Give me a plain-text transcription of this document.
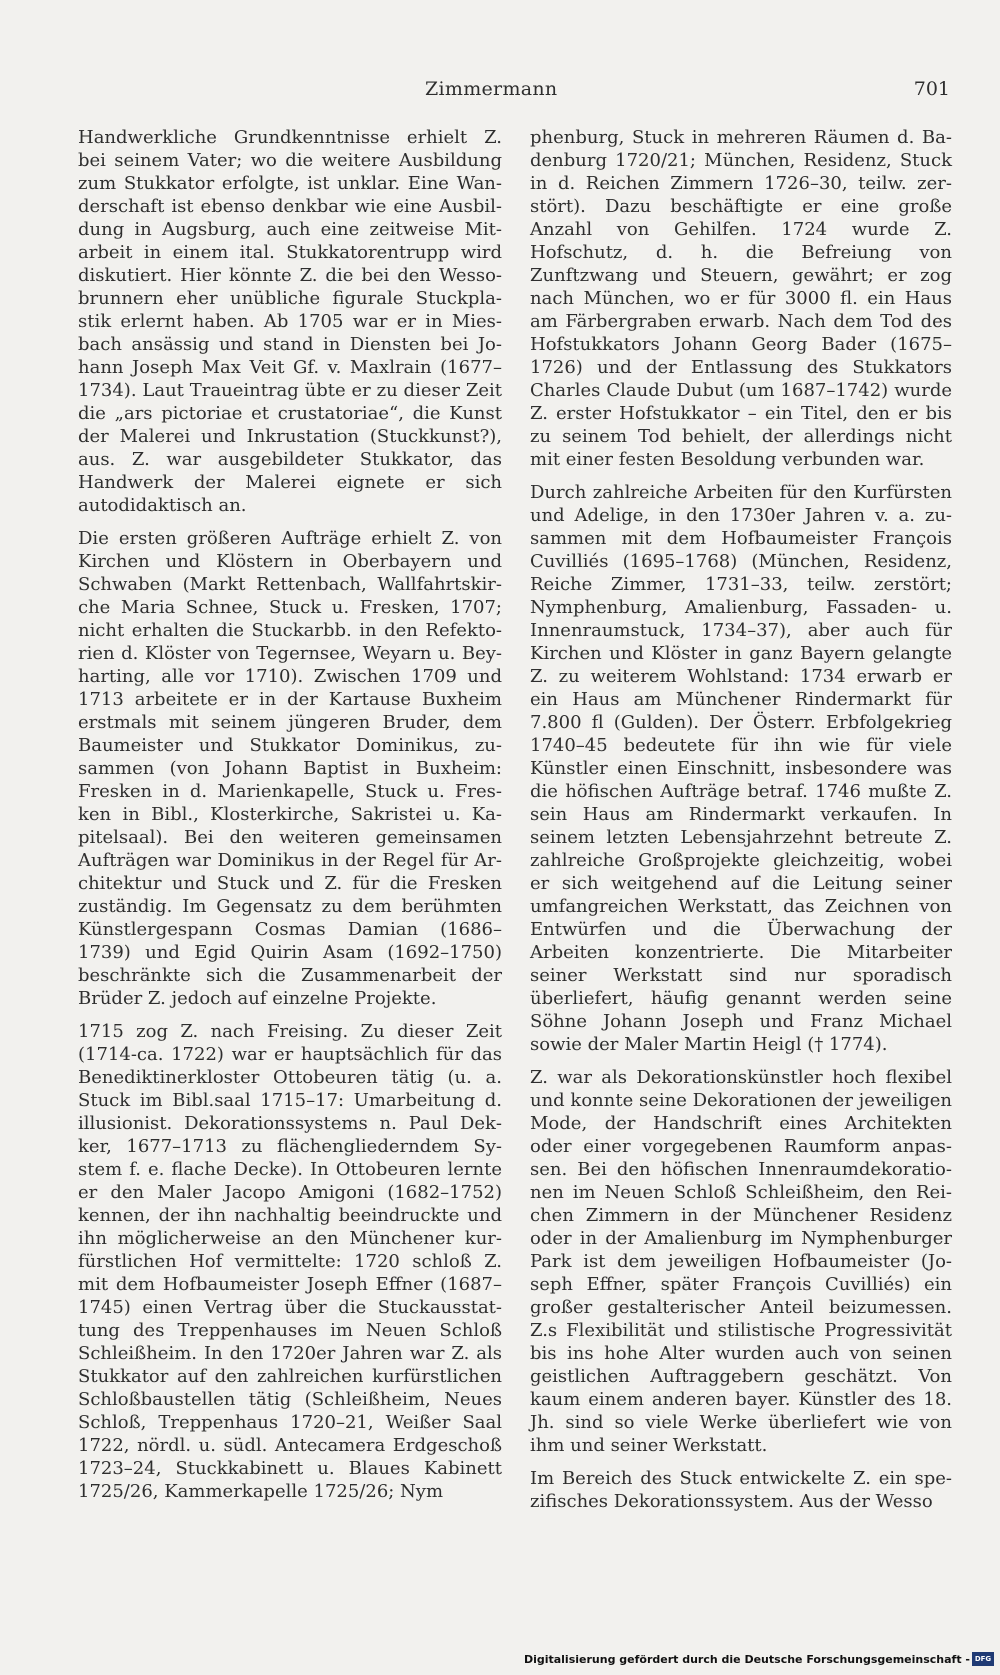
Zimmermann	701

Handwerkliche Grundkenntnisse erhielt Z. bei seinem Vater; wo die weitere Ausbildung zum Stukkator erfolgte, ist unklar. Eine Wanderschaft ist ebenso denkbar wie eine Ausbildung in Augsburg, auch eine zeitweise Mitarbeit in einem ital. Stukkatorentrupp wird diskutiert. Hier könnte Z. die bei den Wessobrunnern eher unübliche figurale Stuckplastik erlernt haben. Ab 1705 war er in Miesbach ansässig und stand in Diensten bei Johann Joseph Max Veit Gf. v. Maxlrain (1677–1734). Laut Traueintrag übte er zu dieser Zeit die „ars pictoriae et crustatoriae“, die Kunst der Malerei und Inkrustation (Stuckkunst?), aus. Z. war ausgebildeter Stukkator, das Handwerk der Malerei eignete er sich autodidaktisch an.

Die ersten größeren Aufträge erhielt Z. von Kirchen und Klöstern in Oberbayern und Schwaben (Markt Rettenbach, Wallfahrtskirche Maria Schnee, Stuck u. Fresken, 1707; nicht erhalten die Stuckarbb. in den Refektorien d. Klöster von Tegernsee, Weyarn u. Beyharting, alle vor 1710). Zwischen 1709 und 1713 arbeitete er in der Kartause Buxheim erstmals mit seinem jüngeren Bruder, dem Baumeister und Stukkator Dominikus, zusammen (von Johann Baptist in Buxheim: Fresken in d. Marienkapelle, Stuck u. Fresken in Bibl., Klosterkirche, Sakristei u. Kapitelsaal). Bei den weiteren gemeinsamen Aufträgen war Dominikus in der Regel für Architektur und Stuck und Z. für die Fresken zuständig. Im Gegensatz zu dem berühmten Künstlergespann Cosmas Damian (1686–1739) und Egid Quirin Asam (1692–1750) beschränkte sich die Zusammenarbeit der Brüder Z. jedoch auf einzelne Projekte.

1715 zog Z. nach Freising. Zu dieser Zeit (1714-ca. 1722) war er hauptsächlich für das Benediktinerkloster Ottobeuren tätig (u. a. Stuck im Bibl.saal 1715–17: Umarbeitung d. illusionist. Dekorationssystems n. Paul Dekker, 1677–1713 zu flächengliederndem System f. e. flache Decke). In Ottobeuren lernte er den Maler Jacopo Amigoni (1682–1752) kennen, der ihn nachhaltig beeindruckte und ihn möglicherweise an den Münchener kurfürstlichen Hof vermittelte: 1720 schloß Z. mit dem Hofbaumeister Joseph Effner (1687–1745) einen Vertrag über die Stuckausstattung des Treppenhauses im Neuen Schloß Schleißheim. In den 1720er Jahren war Z. als Stukkator auf den zahlreichen kurfürstlichen Schloßbaustellen tätig (Schleißheim, Neues Schloß, Treppenhaus 1720–21, Weißer Saal 1722, nördl. u. südl. Antecamera Erdgeschoß 1723–24, Stuckkabinett u. Blaues Kabinett 1725/26, Kammerkapelle 1725/26; Nym

phenburg, Stuck in mehreren Räumen d. Badenburg 1720/21; München, Residenz, Stuck in d. Reichen Zimmern 1726–30, teilw. zerstört). Dazu beschäftigte er eine große Anzahl von Gehilfen. 1724 wurde Z. Hofschutz, d. h. die Befreiung von Zunftzwang und Steuern, gewährt; er zog nach München, wo er für 3000 fl. ein Haus am Färbergraben erwarb. Nach dem Tod des Hofstukkators Johann Georg Bader (1675–1726) und der Entlassung des Stukkators Charles Claude Dubut (um 1687–1742) wurde Z. erster Hofstukkator – ein Titel, den er bis zu seinem Tod behielt, der allerdings nicht mit einer festen Besoldung verbunden war.

Durch zahlreiche Arbeiten für den Kurfürsten und Adelige, in den 1730er Jahren v. a. zusammen mit dem Hofbaumeister François Cuvilliés (1695–1768) (München, Residenz, Reiche Zimmer, 1731–33, teilw. zerstört; Nymphenburg, Amalienburg, Fassaden- u. Innenraumstuck, 1734–37), aber auch für Kirchen und Klöster in ganz Bayern gelangte Z. zu weiterem Wohlstand: 1734 erwarb er ein Haus am Münchener Rindermarkt für 7.800 fl (Gulden). Der Österr. Erbfolgekrieg 1740–45 bedeutete für ihn wie für viele Künstler einen Einschnitt, insbesondere was die höfischen Aufträge betraf. 1746 mußte Z. sein Haus am Rindermarkt verkaufen. In seinem letzten Lebensjahrzehnt betreute Z. zahlreiche Großprojekte gleichzeitig, wobei er sich weitgehend auf die Leitung seiner umfangreichen Werkstatt, das Zeichnen von Entwürfen und die Überwachung der Arbeiten konzentrierte. Die Mitarbeiter seiner Werkstatt sind nur sporadisch überliefert, häufig genannt werden seine Söhne Johann Joseph und Franz Michael sowie der Maler Martin Heigl († 1774).

Z. war als Dekorationskünstler hoch flexibel und konnte seine Dekorationen der jeweiligen Mode, der Handschrift eines Architekten oder einer vorgegebenen Raumform anpassen. Bei den höfischen Innenraumdekorationen im Neuen Schloß Schleißheim, den Reichen Zimmern in der Münchener Residenz oder in der Amalienburg im Nymphenburger Park ist dem jeweiligen Hofbaumeister (Joseph Effner, später François Cuvilliés) ein großer gestalterischer Anteil beizumessen. Z.s Flexibilität und stilistische Progressivität bis ins hohe Alter wurden auch von seinen geistlichen Auftraggebern geschätzt. Von kaum einem anderen bayer. Künstler des 18. Jh. sind so viele Werke überliefert wie von ihm und seiner Werkstatt.

Im Bereich des Stuck entwickelte Z. ein spezifisches Dekorationssystem. Aus der Wesso

Digitalisierung gefördert durch die Deutsche Forschungsgemeinschaft - DFG
